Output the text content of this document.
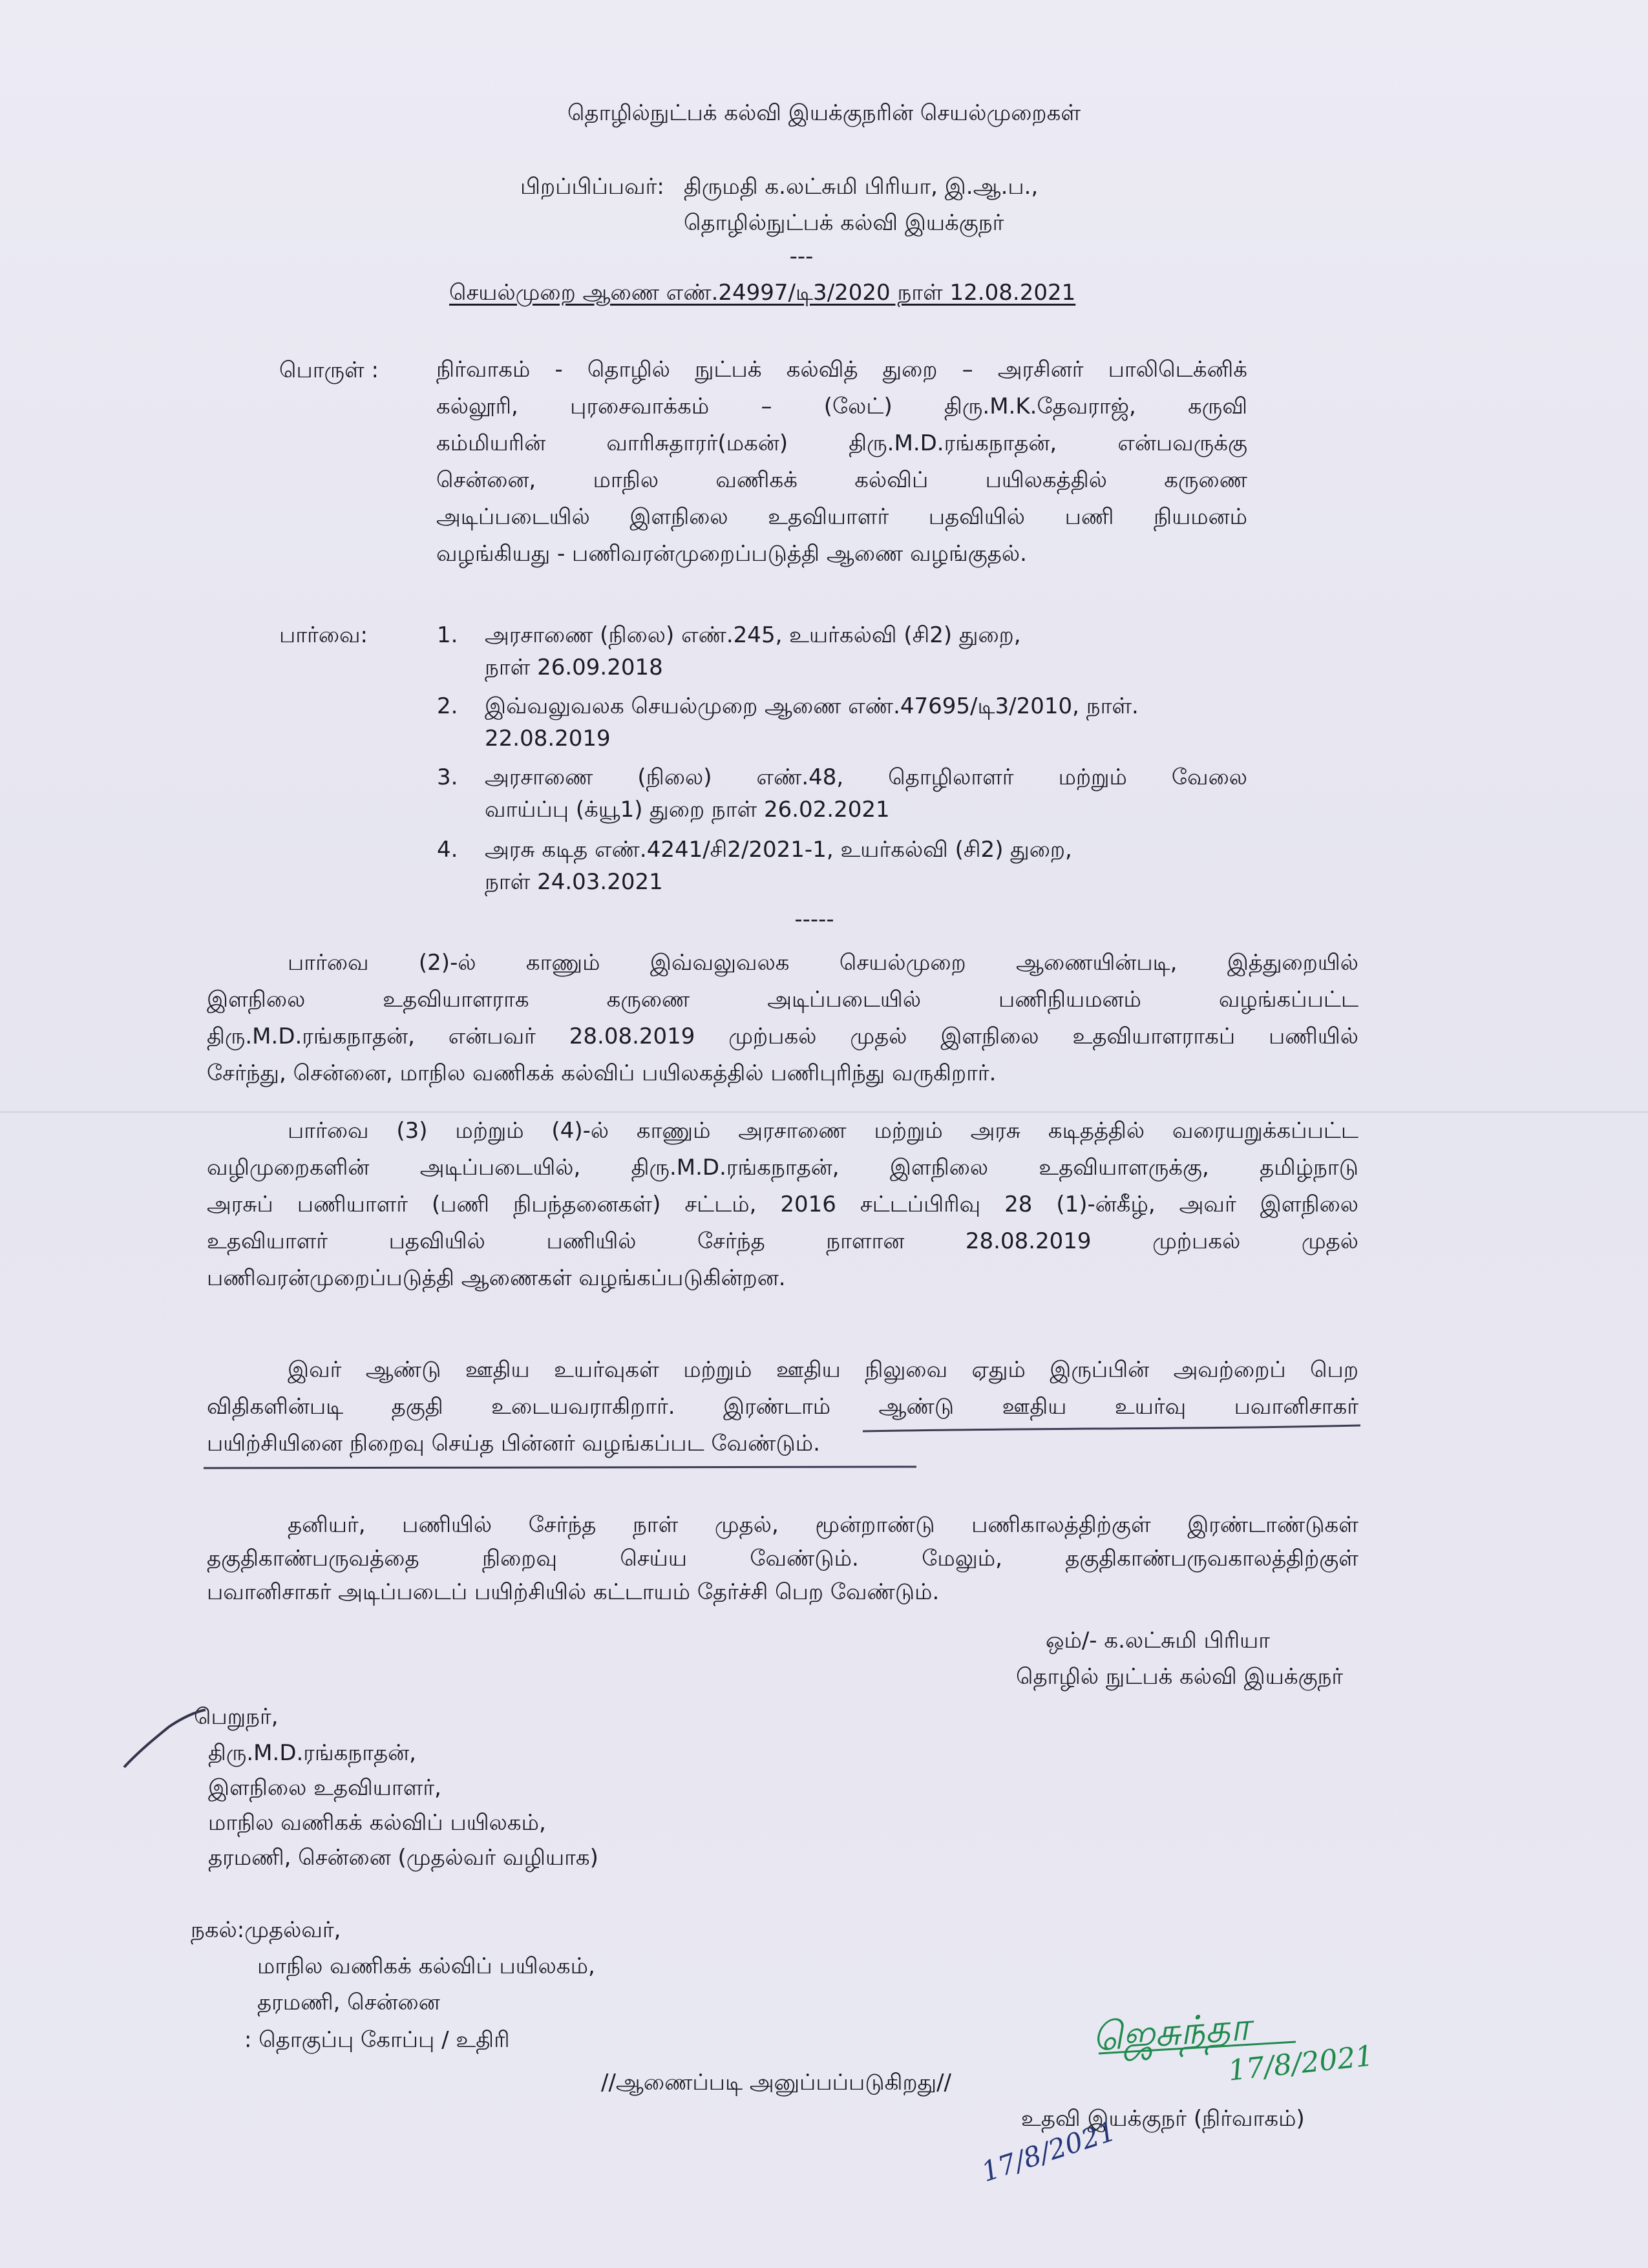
தொழில்நுட்பக் கல்வி இயக்குநரின் செயல்முறைகள்
பிறப்பிப்பவர்: திருமதி க.லட்சுமி பிரியா, இ.ஆ.ப.,
தொழில்நுட்பக் கல்வி இயக்குநர்
---
செயல்முறை ஆணை எண்.24997/டி3/2020 நாள் 12.08.2021
பொருள் :	நிர்வாகம் - தொழில் நுட்பக் கல்வித் துறை – அரசினர் பாலிடெக்னிக்
கல்லூரி, புரசைவாக்கம் – (லேட்) திரு.M.K.தேவராஜ், கருவி
கம்மியரின் வாரிசுதாரர்(மகன்) திரு.M.D.ரங்கநாதன், என்பவருக்கு
சென்னை, மாநில வணிகக் கல்விப் பயிலகத்தில் கருணை
அடிப்படையில் இளநிலை உதவியாளர் பதவியில் பணி நியமனம்
வழங்கியது - பணிவரன்முறைப்படுத்தி ஆணை வழங்குதல்.
பார்வை:	1. அரசாணை (நிலை) எண்.245, உயர்கல்வி (சி2) துறை,
நாள் 26.09.2018
2. இவ்வலுவலக செயல்முறை ஆணை எண்.47695/டி3/2010, நாள்.
22.08.2019
3. அரசாணை (நிலை) எண்.48, தொழிலாளர் மற்றும் வேலை
வாய்ப்பு (க்யூ1) துறை நாள் 26.02.2021
4. அரசு கடித எண்.4241/சி2/2021-1, உயர்கல்வி (சி2) துறை,
நாள் 24.03.2021
-----
பார்வை (2)-ல் காணும் இவ்வலுவலக செயல்முறை ஆணையின்படி, இத்துறையில்
இளநிலை உதவியாளராக கருணை அடிப்படையில் பணிநியமனம் வழங்கப்பட்ட
திரு.M.D.ரங்கநாதன், என்பவர் 28.08.2019 முற்பகல் முதல் இளநிலை உதவியாளராகப் பணியில்
சேர்ந்து, சென்னை, மாநில வணிகக் கல்விப் பயிலகத்தில் பணிபுரிந்து வருகிறார்.
பார்வை (3) மற்றும் (4)-ல் காணும் அரசாணை மற்றும் அரசு கடிதத்தில் வரையறுக்கப்பட்ட
வழிமுறைகளின் அடிப்படையில், திரு.M.D.ரங்கநாதன், இளநிலை உதவியாளருக்கு, தமிழ்நாடு
அரசுப் பணியாளர் (பணி நிபந்தனைகள்) சட்டம், 2016 சட்டப்பிரிவு 28 (1)-ன்கீழ், அவர் இளநிலை
உதவியாளர் பதவியில் பணியில் சேர்ந்த நாளான 28.08.2019 முற்பகல் முதல்
பணிவரன்முறைப்படுத்தி ஆணைகள் வழங்கப்படுகின்றன.
இவர் ஆண்டு ஊதிய உயர்வுகள் மற்றும் ஊதிய நிலுவை ஏதும் இருப்பின் அவற்றைப் பெற
விதிகளின்படி தகுதி உடையவராகிறார். இரண்டாம் ஆண்டு ஊதிய உயர்வு பவானிசாகர்
பயிற்சியினை நிறைவு செய்த பின்னர் வழங்கப்பட வேண்டும்.
தனியர், பணியில் சேர்ந்த நாள் முதல், மூன்றாண்டு பணிகாலத்திற்குள் இரண்டாண்டுகள்
தகுதிகாண்பருவத்தை நிறைவு செய்ய வேண்டும். மேலும், தகுதிகாண்பருவகாலத்திற்குள்
பவானிசாகர் அடிப்படைப் பயிற்சியில் கட்டாயம் தேர்ச்சி பெற வேண்டும்.
ஒம்/- க.லட்சுமி பிரியா
தொழில் நுட்பக் கல்வி இயக்குநர்
பெறுநர்,
திரு.M.D.ரங்கநாதன்,
இளநிலை உதவியாளர்,
மாநில வணிகக் கல்விப் பயிலகம்,
தரமணி, சென்னை (முதல்வர் வழியாக)
நகல்:முதல்வர்,
மாநில வணிகக் கல்விப் பயிலகம்,
தரமணி, சென்னை
: தொகுப்பு கோப்பு / உதிரி
//ஆணைப்படி அனுப்பப்படுகிறது//
ஜெசுந்தா
17/8/2021
உதவி இயக்குநர் (நிர்வாகம்)
17/8/2021
